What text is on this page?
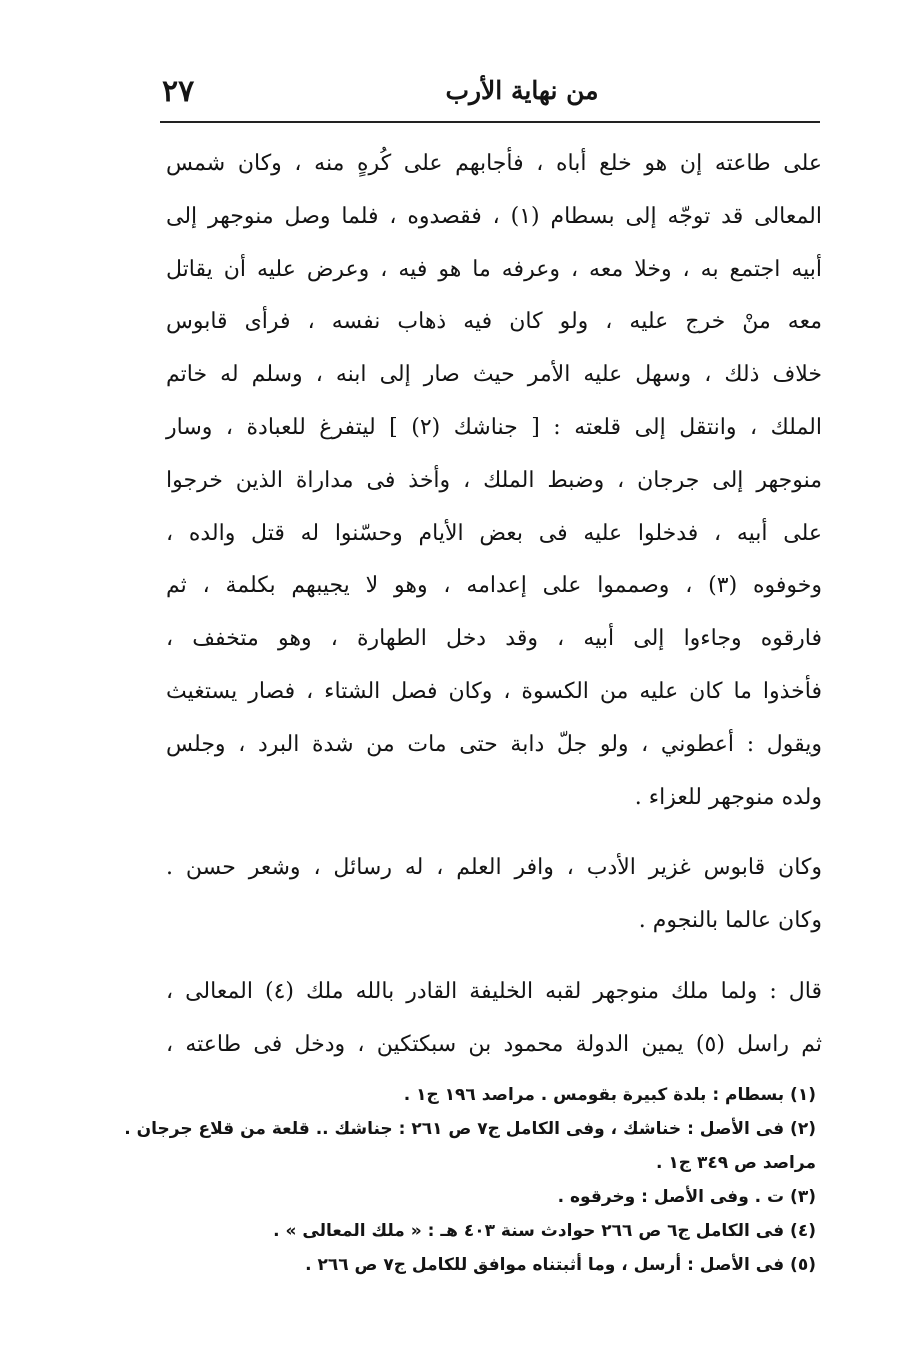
٢٧	من نهاية الأرب
على طاعته إن هو خلع أباه ، فأجابهم على كُرهٍ منه ، وكان شمس
المعالى قد توجّه إلى بسطام (١) ، فقصدوه ، فلما وصل منوجهر إلى
أبيه اجتمع به ، وخلا معه ، وعرفه ما هو فيه ، وعرض عليه أن يقاتل
معه منْ خرج عليه ، ولو كان فيه ذهاب نفسه ، فرأى قابوس
خلاف ذلك ، وسهل عليه الأمر حيث صار إلى ابنه ، وسلم له خاتم
الملك ، وانتقل إلى قلعته : [ جناشك (٢) ] ليتفرغ للعبادة ، وسار
منوجهر إلى جرجان ، وضبط الملك ، وأخذ فى مداراة الذين خرجوا
على أبيه ، فدخلوا عليه فى بعض الأيام وحسّنوا له قتل والده ،
وخوفوه (٣) ، وصمموا على إعدامه ، وهو لا يجيبهم بكلمة ، ثم
فارقوه وجاءوا إلى أبيه ، وقد دخل الطهارة ، وهو متخفف ،
فأخذوا ما كان عليه من الكسوة ، وكان فصل الشتاء ، فصار يستغيث
ويقول : أعطوني ، ولو جلّ دابة حتى مات من شدة البرد ، وجلس
ولده منوجهر للعزاء .
وكان قابوس غزير الأدب ، وافر العلم ، له رسائل ، وشعر حسن .
وكان عالما بالنجوم .
قال : ولما ملك منوجهر لقبه الخليفة القادر بالله ملك (٤) المعالى ،
ثم راسل (٥) يمين الدولة محمود بن سبكتكين ، ودخل فى طاعته ،
(١) بسطام : بلدة كبيرة بقومس . مراصد ١٩٦ ج١ .
(٢) فى الأصل : خناشك ، وفى الكامل ج٧ ص ٢٦١ : جناشك .. قلعة من قلاع جرجان .
مراصد ص ٣٤٩ ج١ .
(٣) ت . وفى الأصل : وخرقوه .
(٤) فى الكامل ج٦ ص ٢٦٦ حوادث سنة ٤٠٣ هـ : « ملك المعالى » .
(٥) فى الأصل : أرسل ، وما أثبتناه موافق للكامل ج٧ ص ٢٦٦ .
